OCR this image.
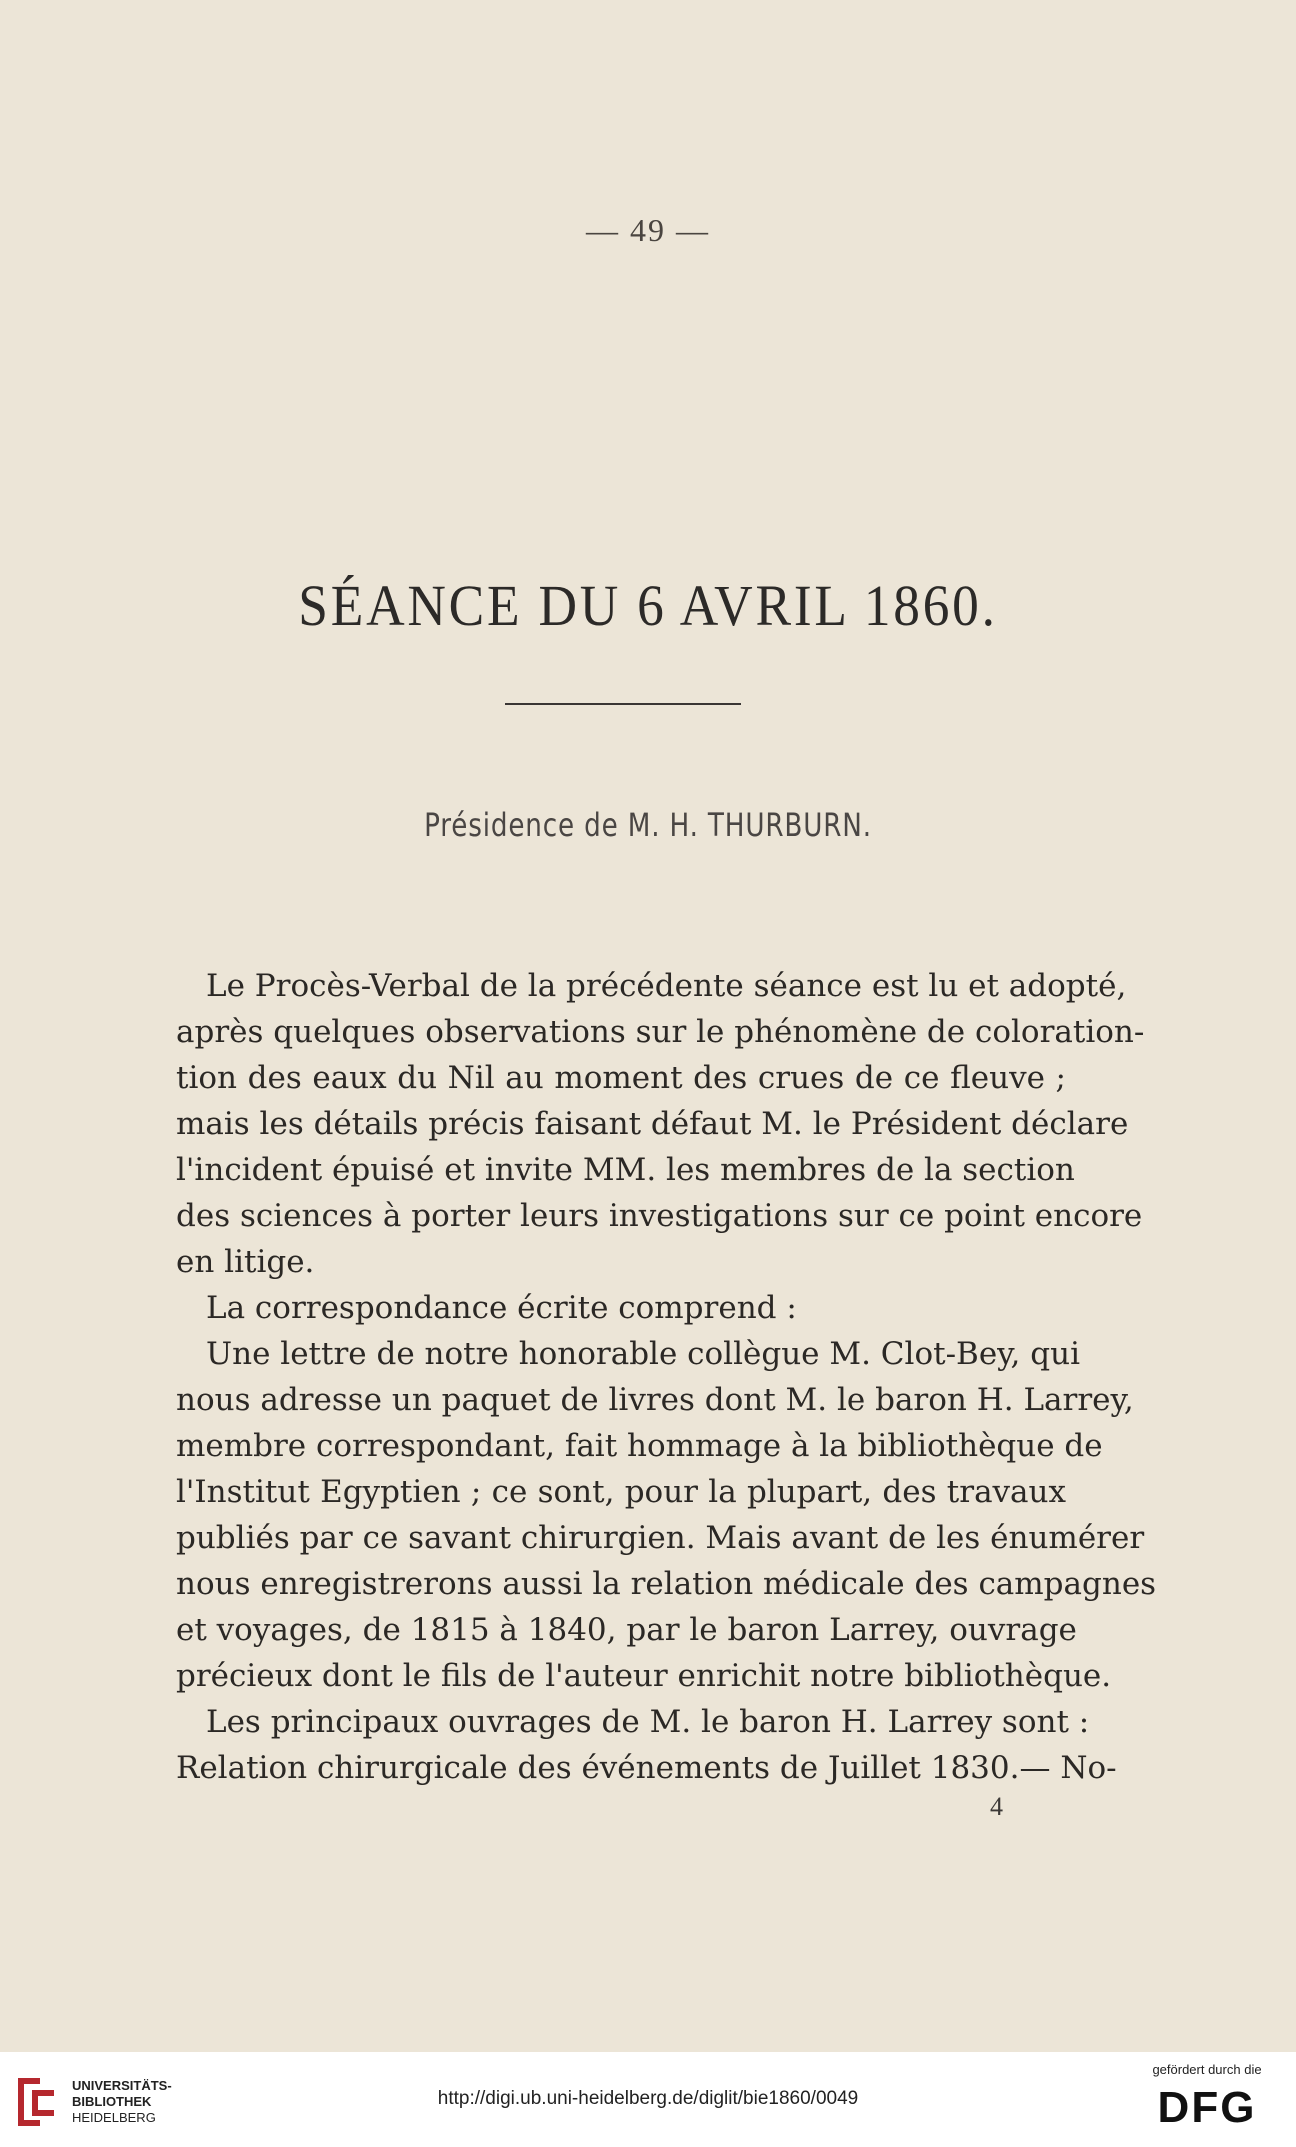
— 49 —
SÉANCE DU 6 AVRIL 1860.
Présidence de M. H. THURBURN.
Le Procès-Verbal de la précédente séance est lu et adopté,
après quelques observations sur le phénomène de coloration-
tion des eaux du Nil au moment des crues de ce fleuve ;
mais les détails précis faisant défaut M. le Président déclare
l'incident épuisé et invite MM. les membres de la section
des sciences à porter leurs investigations sur ce point encore
en litige.
La correspondance écrite comprend :
Une lettre de notre honorable collègue M. Clot-Bey, qui
nous adresse un paquet de livres dont M. le baron H. Larrey,
membre correspondant, fait hommage à la bibliothèque de
l'Institut Egyptien ; ce sont, pour la plupart, des travaux
publiés par ce savant chirurgien. Mais avant de les énumérer
nous enregistrerons aussi la relation médicale des campagnes
et voyages, de 1815 à 1840, par le baron Larrey, ouvrage
précieux dont le fils de l'auteur enrichit notre bibliothèque.
Les principaux ouvrages de M. le baron H. Larrey sont :
Relation chirurgicale des événements de Juillet 1830.— No-
4
UNIVERSITÄTS-
BIBLIOTHEK
HEIDELBERG
http://digi.ub.uni-heidelberg.de/diglit/bie1860/0049
gefördert durch die
DFG
